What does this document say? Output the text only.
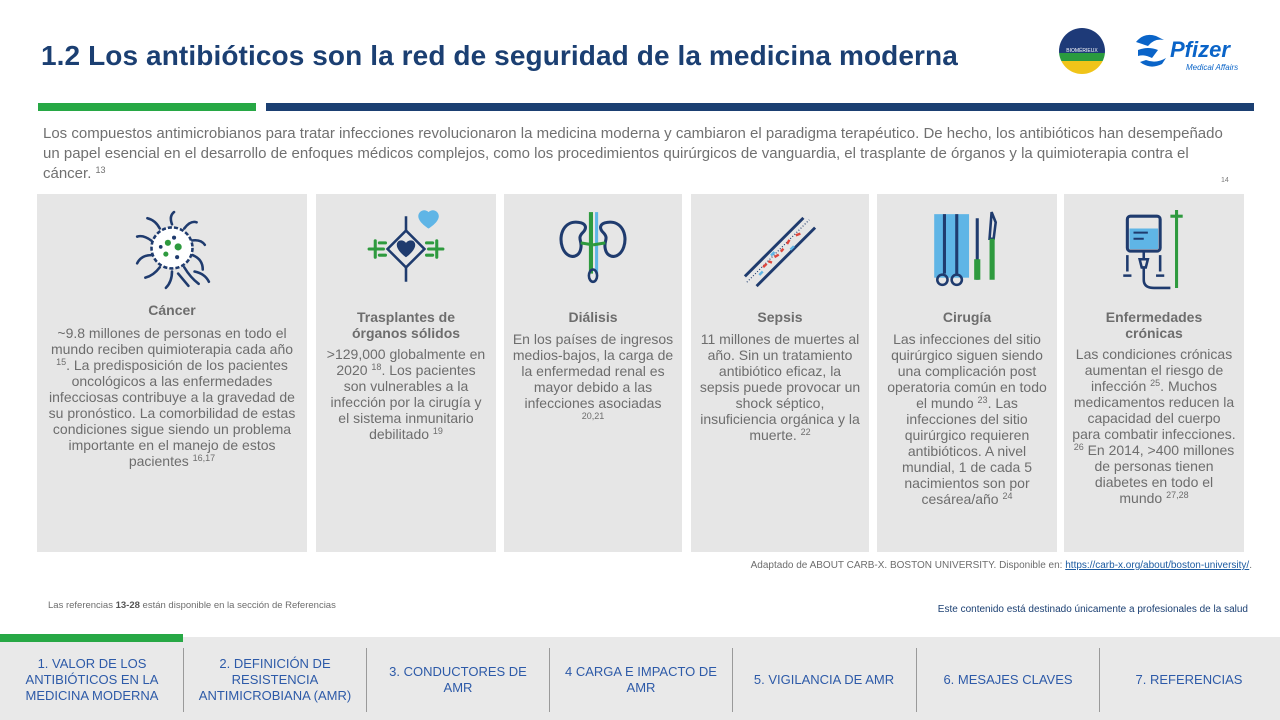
1.2 Los antibióticos son la red de seguridad de la medicina moderna	BIOMÉRIEUX	Pfizer
Medical Affairs
Los compuestos antimicrobianos para tratar infecciones revolucionaron la medicina moderna y cambiaron el paradigma terapéutico. De hecho, los antibióticos han desempeñado un papel esencial en el desarrollo de enfoques médicos complejos, como los procedimientos quirúrgicos de vanguardia, el trasplante de órganos y la quimioterapia contra el cáncer. $^{13}$
14
Cáncer
~9.8 millones de personas en todo el mundo reciben quimioterapia cada año $^{15}$. La predisposición de los pacientes oncológicos a las enfermedades infecciosas contribuye a la gravedad de su pronóstico. La comorbilidad de estas condiciones sigue siendo un problema importante en el manejo de estos pacientes $^{16,17}$
Trasplantes de órganos sólidos
>129,000 globalmente en 2020 $^{18}$. Los pacientes son vulnerables a la infección por la cirugía y el sistema inmunitario debilitado $^{19}$
Diálisis
En los países de ingresos medios-bajos, la carga de la enfermedad renal es mayor debido a las infecciones asociadas $^{20,21}$
Sepsis
11 millones de muertes al año. Sin un tratamiento antibiótico eficaz, la sepsis puede provocar un shock séptico, insuficiencia orgánica y la muerte. $^{22}$
Cirugía
Las infecciones del sitio quirúrgico siguen siendo una complicación post operatoria común en todo el mundo $^{23}$. Las infecciones del sitio quirúrgico requieren antibióticos. A nivel mundial, 1 de cada 5 nacimientos son por cesárea/año $^{24}$
Enfermedades crónicas
Las condiciones crónicas aumentan el riesgo de infección $^{25}$. Muchos medicamentos reducen la capacidad del cuerpo para combatir infecciones. $^{26}$ En 2014, >400 millones de personas tienen diabetes en todo el mundo $^{27,28}$
Adaptado de ABOUT CARB-X. BOSTON UNIVERSITY. Disponible en: https://carb-x.org/about/boston-university/.
Las referencias 13-28 están disponible en la sección de Referencias	Este contenido está destinado únicamente a profesionales de la salud
1. VALOR DE LOS ANTIBIÓTICOS EN LA MEDICINA MODERNA
2. DEFINICIÓN DE RESISTENCIA ANTIMICROBIANA (AMR)
3. CONDUCTORES DE AMR
4 CARGA E IMPACTO DE AMR
5. VIGILANCIA DE AMR	6. MESAJES CLAVES	7. REFERENCIAS
